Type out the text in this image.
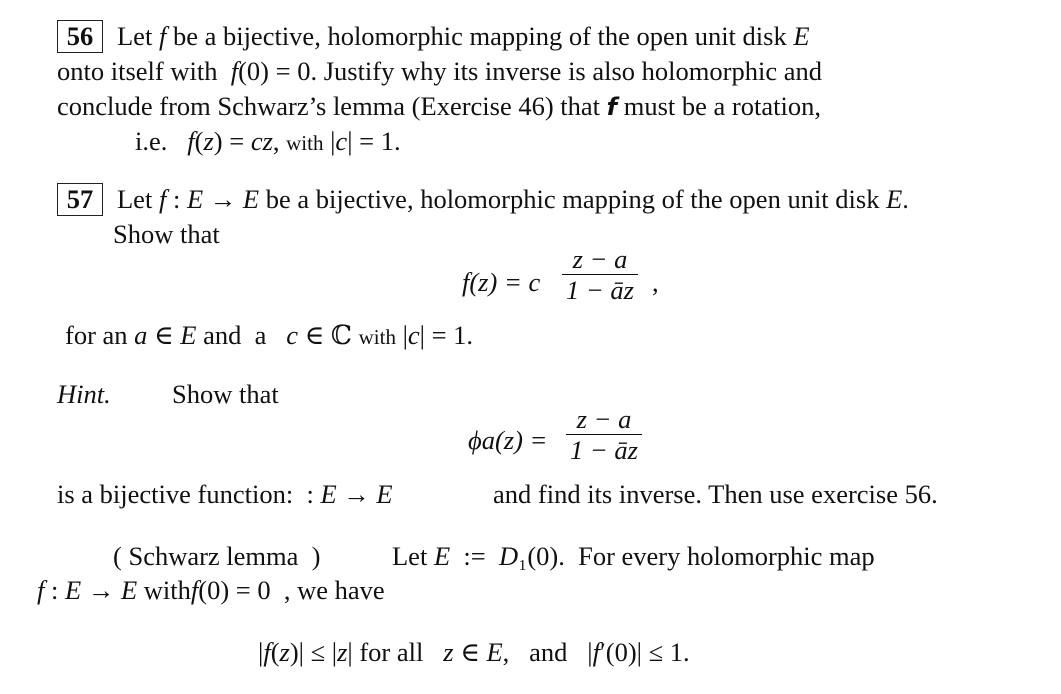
56 Let f be a bijective, holomorphic mapping of the open unit disk E
onto itself with  f(0) = 0. Justify why its inverse is also holomorphic and
conclude from Schwarz’s lemma (Exercise 46) that f must be a rotation,
i.e.   f(z) = cz, with |c| = 1.
57 Let f : E → E be a bijective, holomorphic mapping of the open unit disk E.
Show that
f(z) = c $\frac{z - a}{1 - āz}$ ,
for an a ∈ E and  a   c ∈ ℂ with |c| = 1.
Hint. Show that
$\phi a(z) = \frac{z - a}{1 - āz}$
is a bijective function:  : E → E	and find its inverse. Then use exercise 56.
( Schwarz lemma  )	Let E  :=  D₁(0).  For every holomorphic map
f : E → E withf(0) = 0  , we have
|f(z)| ≤ |z| for all   z ∈ E,   and   |f′(0)| ≤ 1.
